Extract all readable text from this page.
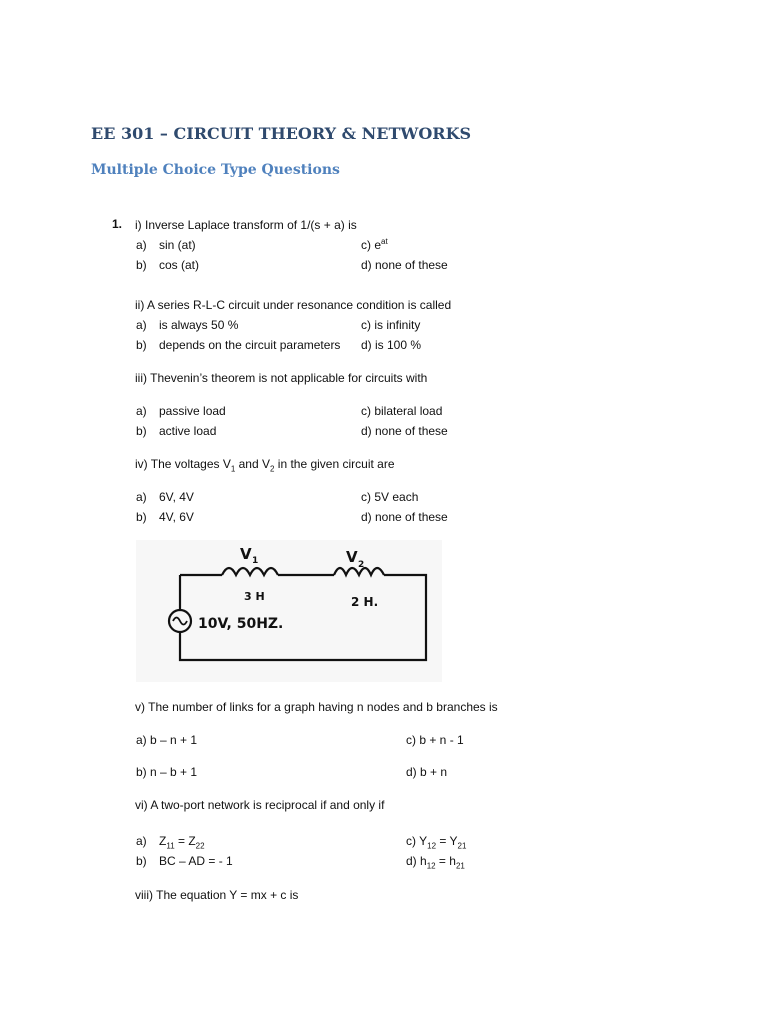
EE 301 – CIRCUIT THEORY & NETWORKS
Multiple Choice Type Questions
1. i) Inverse Laplace transform of 1/(s + a) is
a) sin (at)
b) cos (at)
c) $e^{at}$
d) none of these
ii) A series R-L-C circuit under resonance condition is called
a) is always 50 %
b) depends on the circuit parameters
c) is infinity
d) is 100 %
iii) Thevenin’s theorem is not applicable for circuits with
a) passive load
b) active load
c) bilateral load
d) none of these
iv) The voltages $V_1$ and $V_2$ in the given circuit are
a) 6V, 4V
b) 4V, 6V
c) 5V each
d) none of these
V 1	V 2
3 H	2 H.
10V, 50HZ.
v) The number of links for a graph having n nodes and b branches is
a) b – n + 1
b) n – b + 1
c) b + n - 1
d) b + n
vi) A two-port network is reciprocal if and only if
a) $Z_{11} = Z_{22}$
b) BC – AD = - 1
c) $Y_{12} = Y_{21}$
d) $h_{12} = h_{21}$
viii) The equation Y = mx + c is
